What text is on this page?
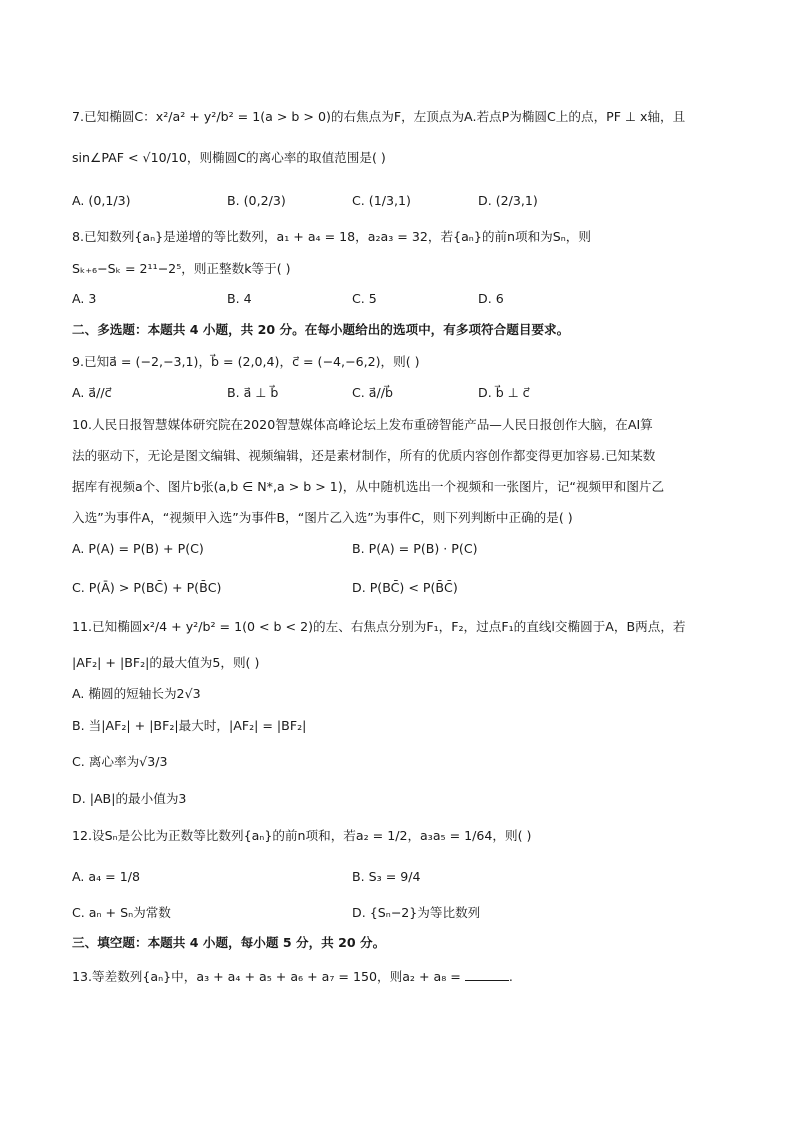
7.已知椭圆C：x²/a² + y²/b² = 1(a > b > 0)的右焦点为F，左顶点为A.若点P为椭圆C上的点，PF ⊥ x轴，且
sin∠PAF < √10/10，则椭圆C的离心率的取值范围是( )
A. (0,1/3)	B. (0,2/3)	C. (1/3,1)	D. (2/3,1)
8.已知数列{aₙ}是递增的等比数列，a₁ + a₄ = 18，a₂a₃ = 32，若{aₙ}的前n项和为Sₙ，则
Sₖ₊₆−Sₖ = 2¹¹−2⁵，则正整数k等于( )
A. 3	B. 4	C. 5	D. 6
二、多选题：本题共 4 小题，共 20 分。在每小题给出的选项中，有多项符合题目要求。
9.已知a⃗ = (−2,−3,1)，b⃗ = (2,0,4)，c⃗ = (−4,−6,2)，则( )
A. a⃗//c⃗	B. a⃗ ⊥ b⃗	C. a⃗//b⃗	D. b⃗ ⊥ c⃗
10.人民日报智慧媒体研究院在2020智慧媒体高峰论坛上发布重磅智能产品—人民日报创作大脑，在AI算
法的驱动下，无论是图文编辑、视频编辑，还是素材制作，所有的优质内容创作都变得更加容易.已知某数
据库有视频a个、图片b张(a,b ∈ N*,a > b > 1)，从中随机选出一个视频和一张图片，记“视频甲和图片乙
入选”为事件A，“视频甲入选”为事件B，“图片乙入选”为事件C，则下列判断中正确的是( )
A. P(A) = P(B) + P(C)	B. P(A) = P(B) · P(C)
C. P(Ā) > P(BC̄) + P(B̄C)	D. P(BC̄) < P(B̄C̄)
11.已知椭圆x²/4 + y²/b² = 1(0 < b < 2)的左、右焦点分别为F₁，F₂，过点F₁的直线l交椭圆于A，B两点，若
|AF₂| + |BF₂|的最大值为5，则( )
A. 椭圆的短轴长为2√3
B. 当|AF₂| + |BF₂|最大时，|AF₂| = |BF₂|
C. 离心率为√3/3
D. |AB|的最小值为3
12.设Sₙ是公比为正数等比数列{aₙ}的前n项和，若a₂ = 1/2，a₃a₅ = 1/64，则( )
A. a₄ = 1/8	B. S₃ = 9/4
C. aₙ + Sₙ为常数	D. {Sₙ−2}为等比数列
三、填空题：本题共 4 小题，每小题 5 分，共 20 分。
13.等差数列{aₙ}中，a₃ + a₄ + a₅ + a₆ + a₇ = 150，则a₂ + a₈ =	.
